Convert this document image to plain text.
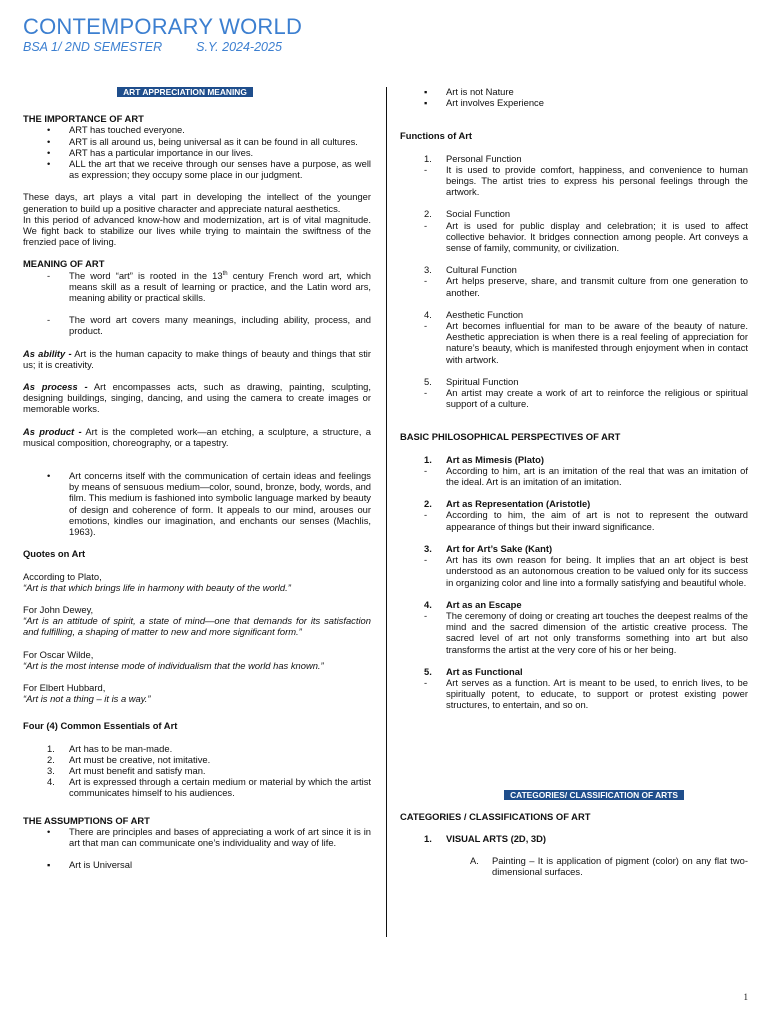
CONTEMPORARY WORLD
BSA 1/ 2ND SEMESTER	S.Y. 2024-2025
ART APPRECIATION MEANING
THE IMPORTANCE OF ART
• ART has touched everyone.
• ART is all around us, being universal as it can be found in all cultures.
• ART has a particular importance in our lives.
• ALL the art that we receive through our senses have a purpose, as well as expression; they occupy some place in our judgment.
These days, art plays a vital part in developing the intellect of the younger generation to build up a positive character and appreciate natural aesthetics.
In this period of advanced know-how and modernization, art is of vital magnitude. We fight back to stabilize our lives while trying to maintain the swiftness of the frenzied pace of living.
MEANING OF ART
- The word “art” is rooted in the 13th century French word art, which means skill as a result of learning or practice, and the Latin word ars, meaning ability or practical skills.
- The word art covers many meanings, including ability, process, and product.
As ability - Art is the human capacity to make things of beauty and things that stir us; it is creativity.
As process - Art encompasses acts, such as drawing, painting, sculpting, designing buildings, singing, dancing, and using the camera to create images or memorable works.
As product - Art is the completed work—an etching, a sculpture, a structure, a musical composition, choreography, or a tapestry.
• Art concerns itself with the communication of certain ideas and feelings by means of sensuous medium—color, sound, bronze, body, words, and film. This medium is fashioned into symbolic language marked by beauty of design and coherence of form. It appeals to our mind, arouses our emotions, kindles our imagination, and enchants our senses (Machlis, 1963).
Quotes on Art
According to Plato,
“Art is that which brings life in harmony with beauty of the world.”
For John Dewey,
“Art is an attitude of spirit, a state of mind—one that demands for its satisfaction and fulfilling, a shaping of matter to new and more significant form.”
For Oscar Wilde,
“Art is the most intense mode of individualism that the world has known.”
For Elbert Hubbard,
“Art is not a thing – it is a way.”
Four (4) Common Essentials of Art
1. Art has to be man-made.
2. Art must be creative, not imitative.
3. Art must benefit and satisfy man.
4. Art is expressed through a certain medium or material by which the artist communicates himself to his audiences.
THE ASSUMPTIONS OF ART
• There are principles and bases of appreciating a work of art since it is in art that man can communicate one’s individuality and way of life.
▪ Art is Universal
▪ Art is not Nature
▪ Art involves Experience
Functions of Art
1. Personal Function
- It is used to provide comfort, happiness, and convenience to human beings. The artist tries to express his personal feelings through the artwork.
2. Social Function
- Art is used for public display and celebration; it is used to affect collective behavior. It bridges connection among people. Art conveys a sense of family, community, or civilization.
3. Cultural Function
- Art helps preserve, share, and transmit culture from one generation to another.
4. Aesthetic Function
- Art becomes influential for man to be aware of the beauty of nature. Aesthetic appreciation is when there is a real feeling of appreciation for nature’s beauty, which is manifested through enjoyment when in contact with artwork.
5. Spiritual Function
- An artist may create a work of art to reinforce the religious or spiritual support of a culture.
BASIC PHILOSOPHICAL PERSPECTIVES OF ART
1. Art as Mimesis (Plato)
- According to him, art is an imitation of the real that was an imitation of the ideal. Art is an imitation of an imitation.
2. Art as Representation (Aristotle)
- According to him, the aim of art is not to represent the outward appearance of things but their inward significance.
3. Art for Art’s Sake (Kant)
- Art has its own reason for being. It implies that an art object is best understood as an autonomous creation to be valued only for its success in organizing color and line into a formally satisfying and beautiful whole.
4. Art as an Escape
- The ceremony of doing or creating art touches the deepest realms of the mind and the sacred dimension of the artistic creative process. The sacred level of art not only transforms something into art but also transforms the artist at the very core of his or her being.
5. Art as Functional
- Art serves as a function. Art is meant to be used, to enrich lives, to be spiritually potent, to educate, to support or protest existing power structures, to entertain, and so on.
CATEGORIES/ CLASSIFICATION OF ARTS
CATEGORIES / CLASSIFICATIONS OF ART
1. VISUAL ARTS (2D, 3D)
A. Painting – It is application of pigment (color) on any flat two-dimensional surfaces.
1
